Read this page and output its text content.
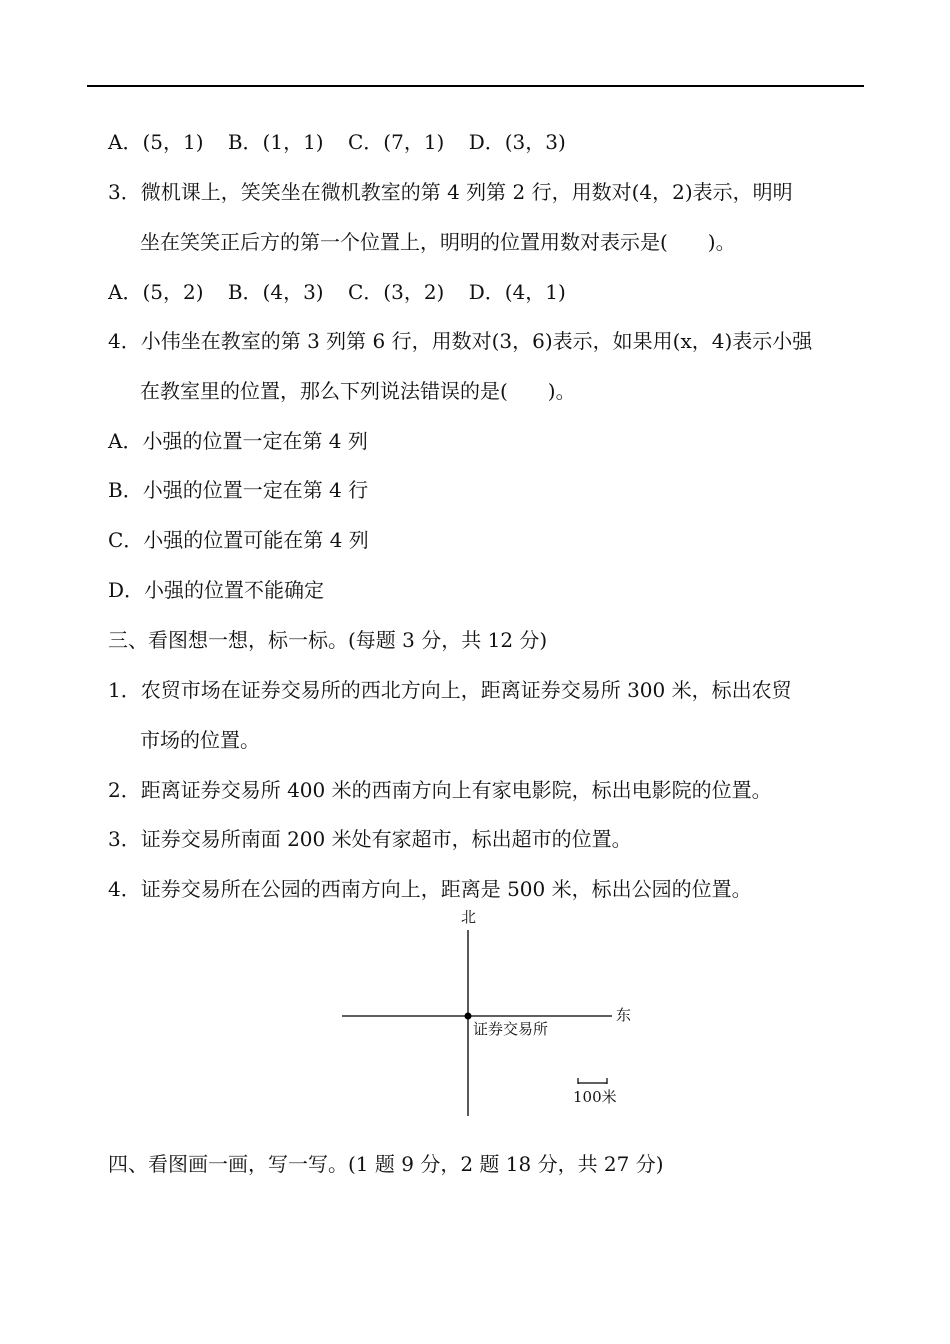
A．(5，1) B．(1，1) C．(7，1) D．(3，3)
3．微机课上，笑笑坐在微机教室的第 4 列第 2 行，用数对(4，2)表示，明明
坐在笑笑正后方的第一个位置上，明明的位置用数对表示是(　　)。
A．(5，2) B．(4，3) C．(3，2) D．(4，1)
4．小伟坐在教室的第 3 列第 6 行，用数对(3，6)表示，如果用(x，4)表示小强
在教室里的位置，那么下列说法错误的是(　　)。
A．小强的位置一定在第 4 列
B．小强的位置一定在第 4 行
C．小强的位置可能在第 4 列
D．小强的位置不能确定
三、看图想一想，标一标。(每题 3 分，共 12 分)
1．农贸市场在证券交易所的西北方向上，距离证券交易所 300 米，标出农贸
市场的位置。
2．距离证券交易所 400 米的西南方向上有家电影院，标出电影院的位置。
3．证券交易所南面 200 米处有家超市，标出超市的位置。
4．证券交易所在公园的西南方向上，距离是 500 米，标出公园的位置。
北
东
证券交易所
100米
四、看图画一画，写一写。(1 题 9 分，2 题 18 分，共 27 分)
